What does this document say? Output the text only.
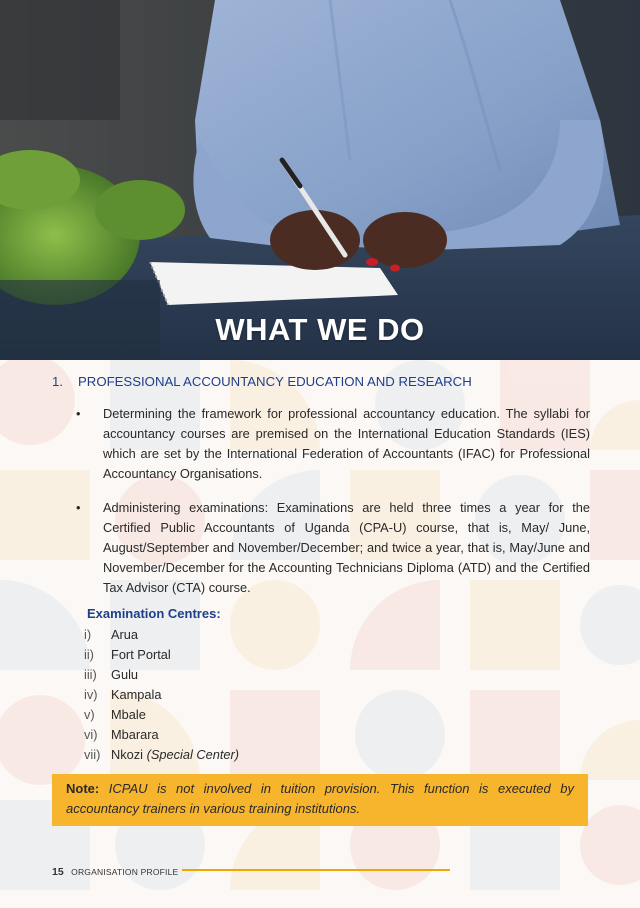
WHAT WE DO
1. PROFESSIONAL ACCOUNTANCY EDUCATION AND RESEARCH
• Determining the framework for professional accountancy education. The syllabi for accountancy courses are premised on the International Education Standards (IES) which are set by the International Federation of Accountants (IFAC) for Professional Accountancy Organisations.
• Administering examinations: Examinations are held three times a year for the Certified Public Accountants of Uganda (CPA-U) course, that is, May/ June, August/September and November/December; and twice a year, that is, May/June and November/December for the Accounting Technicians Diploma (ATD) and the Certified Tax Advisor (CTA) course.
Examination Centres:
i) Arua
ii) Fort Portal
iii) Gulu
iv) Kampala
v) Mbale
vi) Mbarara
vii) Nkozi (Special Center)
Note: ICPAU is not involved in tuition provision. This function is executed by accountancy trainers in various training institutions.
15 ORGANISATION PROFILE
